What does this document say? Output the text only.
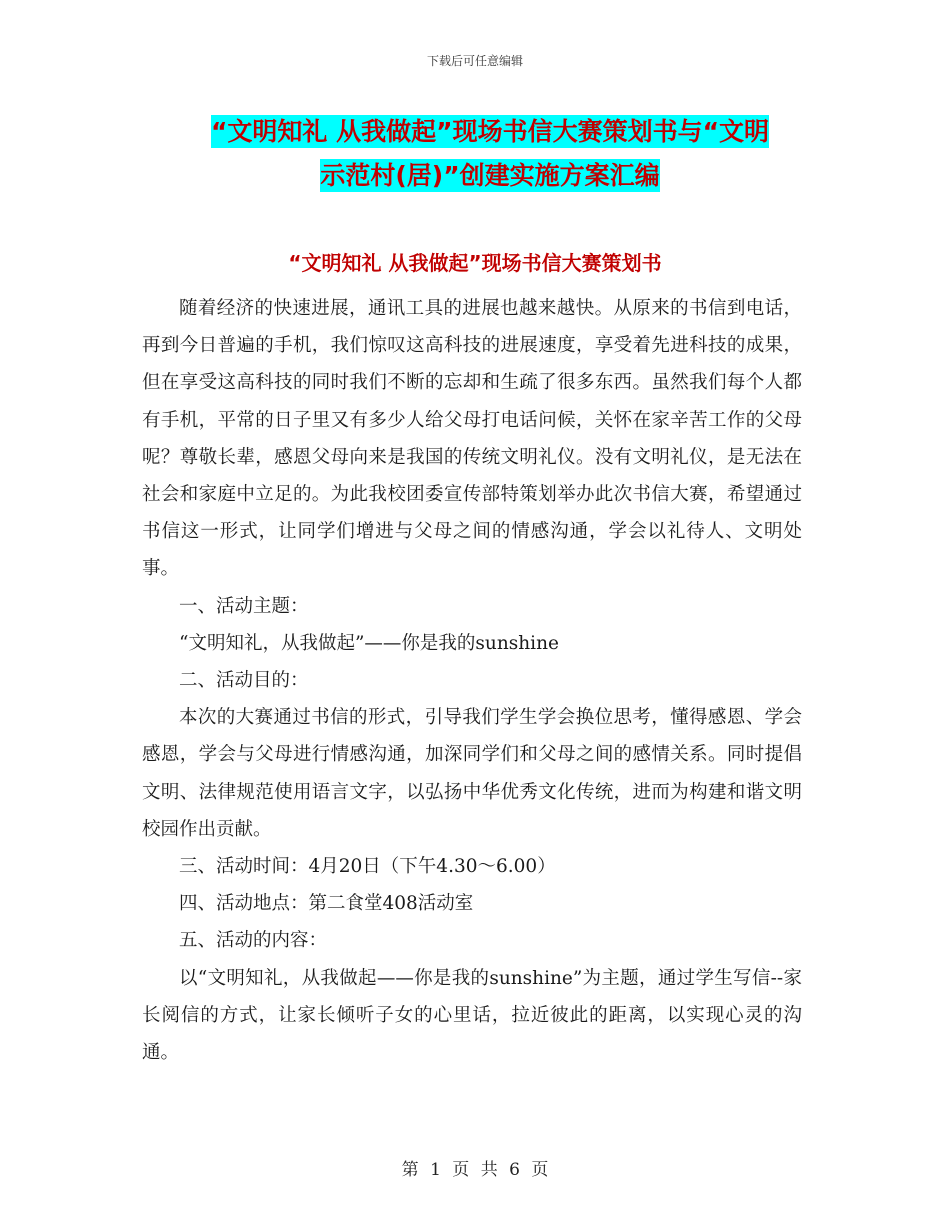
下载后可任意编辑
“文明知礼 从我做起”现场书信大赛策划书与“文明
示范村(居)”创建实施方案汇编
“文明知礼 从我做起”现场书信大赛策划书

随着经济的快速进展，通讯工具的进展也越来越快。从原来的书信到电话，再到今日普遍的手机，我们惊叹这高科技的进展速度，享受着先进科技的成果，但在享受这高科技的同时我们不断的忘却和生疏了很多东西。虽然我们每个人都有手机，平常的日子里又有多少人给父母打电话问候，关怀在家辛苦工作的父母呢？尊敬长辈，感恩父母向来是我国的传统文明礼仪。没有文明礼仪，是无法在社会和家庭中立足的。为此我校团委宣传部特策划举办此次书信大赛，希望通过书信这一形式，让同学们增进与父母之间的情感沟通，学会以礼待人、文明处事。

一、活动主题：

“文明知礼，从我做起”——你是我的sunshine

二、活动目的：

本次的大赛通过书信的形式，引导我们学生学会换位思考，懂得感恩、学会感恩，学会与父母进行情感沟通，加深同学们和父母之间的感情关系。同时提倡文明、法律规范使用语言文字，以弘扬中华优秀文化传统，进而为构建和谐文明校园作出贡献。

三、活动时间：4月20日（下午4.30～6.00）

四、活动地点：第二食堂408活动室

五、活动的内容：

以“文明知礼，从我做起——你是我的sunshine”为主题，通过学生写信--家长阅信的方式，让家长倾听子女的心里话，拉近彼此的距离，以实现心灵的沟通。

第 1 页 共 6 页
